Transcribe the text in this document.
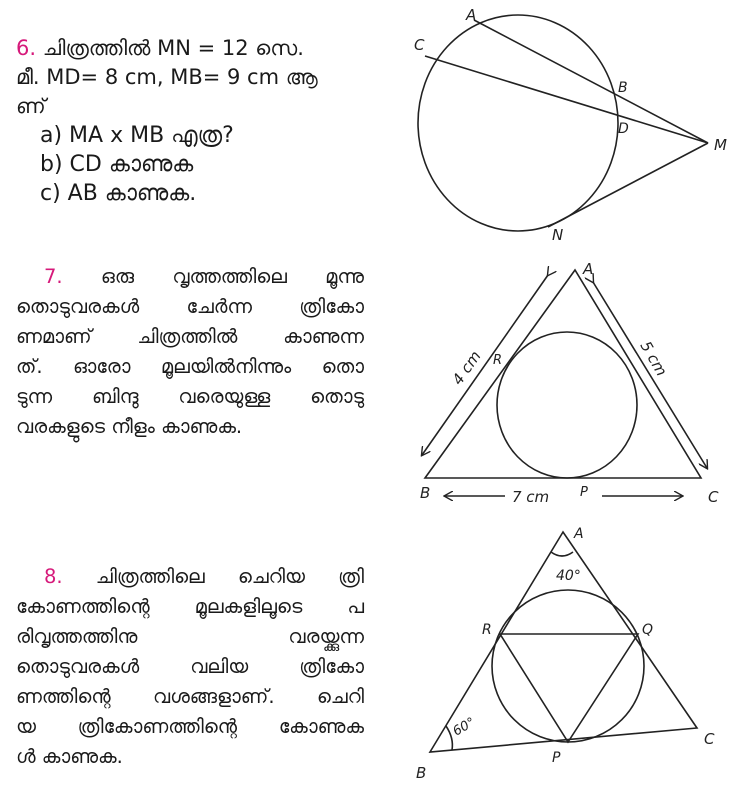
6. ചിത്രത്തിൽ MN = 12 സെ.
മീ. MD= 8 cm, MB= 9 cm ആ
ണ്
a) MA x MB എത്ര?
b) CD കാണുക
c) AB കാണുക.
7. ഒരു വൃത്തത്തിലെ മൂന്നു
തൊടുവരകൾ ചേർന്ന ത്രികോ
ണമാണ് ചിത്രത്തിൽ കാണുന്ന
ത്. ഓരോ മൂലയിൽനിന്നും തൊ
ടുന്ന ബിന്ദു വരെയുള്ള തൊടു
വരകളുടെ നീളം കാണുക.
8. ചിത്രത്തിലെ ചെറിയ ത്രി
കോണത്തിന്റെ മൂലകളിലൂടെ പ
രിവൃത്തത്തിനു വരയ്ക്കുന്ന
തൊടുവരകൾ വലിയ ത്രികോ
ണത്തിന്റെ വശങ്ങളാണ്. ചെറി
യ ത്രികോണത്തിന്റെ കോണുക
ൾ കാണുക.
A
C
B
D
M
N
A
B	C
P
R
4 cm	5 cm
7 cm
A
B
C
P
Q
R
40°
60°
